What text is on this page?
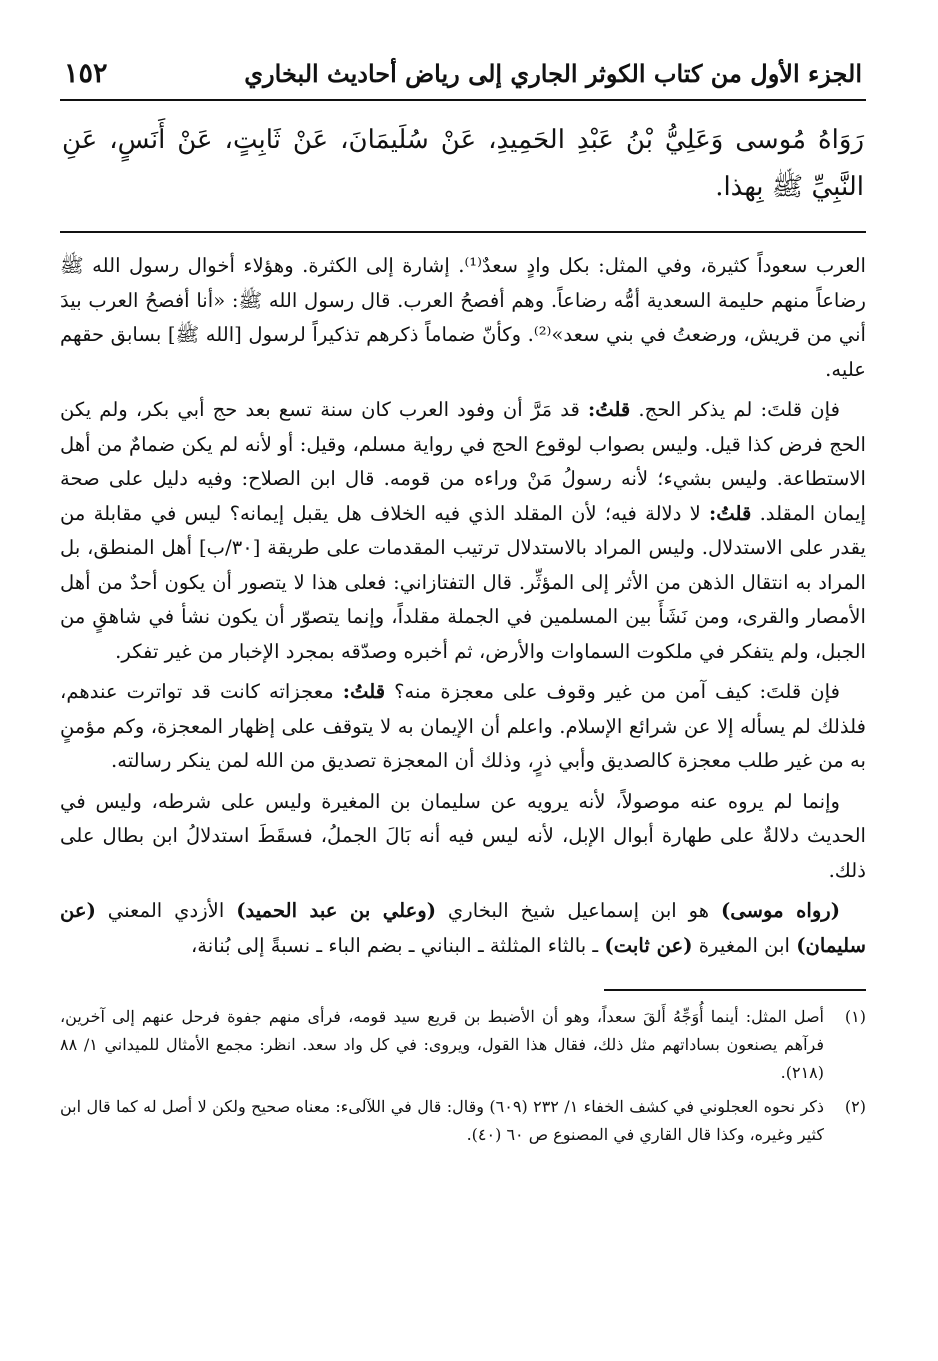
الجزء الأول من كتاب الكوثر الجاري إلى رياض أحاديث البخاري
١٥٢
رَوَاهُ مُوسى وَعَلِيُّ بْنُ عَبْدِ الحَمِيدِ، عَنْ سُلَيمَانَ، عَنْ ثَابِتٍ، عَنْ أَنَسٍ، عَنِ النَّبِيِّ ﷺ بِهذا.

العرب سعوداً كثيرة، وفي المثل: بكل وادٍ سعدٌ⁽¹⁾. إشارة إلى الكثرة. وهؤلاء أخوال رسول الله ﷺ رضاعاً منهم حليمة السعدية أمُّه رضاعاً. وهم أفصحُ العرب. قال رسول الله ﷺ: «أنا أفصحُ العرب بيدَ أني من قريش، ورضعتُ في بني سعد»⁽²⁾. وكأنّ ضماماً ذكرهم تذكيراً لرسول [الله ﷺ] بسابق حقهم عليه.

فإن قلتَ: لم يذكر الحج. قلتُ: قد مَرَّ أن وفود العرب كان سنة تسع بعد حج أبي بكر، ولم يكن الحج فرض كذا قيل. وليس بصواب لوقوع الحج في رواية مسلم، وقيل: أو لأنه لم يكن ضمامٌ من أهل الاستطاعة. وليس بشيء؛ لأنه رسولُ مَنْ وراءه من قومه. قال ابن الصلاح: وفيه دليل على صحة إيمان المقلد. قلتُ: لا دلالة فيه؛ لأن المقلد الذي فيه الخلاف هل يقبل إيمانه؟ ليس في مقابلة من يقدر على الاستدلال. وليس المراد بالاستدلال ترتيب المقدمات على طريقة [٣٠/ب] أهل المنطق، بل المراد به انتقال الذهن من الأثر إلى المؤثِّر. قال التفتازاني: فعلى هذا لا يتصور أن يكون أحدٌ من أهل الأمصار والقرى، ومن نَشَأَ بين المسلمين في الجملة مقلداً، وإنما يتصوّر أن يكون نشأ في شاهقٍ من الجبل، ولم يتفكر في ملكوت السماوات والأرض، ثم أخبره وصدّقه بمجرد الإخبار من غير تفكر.

فإن قلتَ: كيف آمن من غير وقوف على معجزة منه؟ قلتُ: معجزاته كانت قد تواترت عندهم، فلذلك لم يسأله إلا عن شرائع الإسلام. واعلم أن الإيمان به لا يتوقف على إظهار المعجزة، وكم مؤمنٍ به من غير طلب معجزة كالصديق وأبي ذرٍ، وذلك أن المعجزة تصديق من الله لمن ينكر رسالته.

وإنما لم يروه عنه موصولاً، لأنه يرويه عن سليمان بن المغيرة وليس على شرطه، وليس في الحديث دلالةٌ على طهارة أبوال الإبل، لأنه ليس فيه أنه بَالَ الجملُ، فسقَطَ استدلالُ ابن بطال على ذلك.

(رواه موسى) هو ابن إسماعيل شيخ البخاري (وعلي بن عبد الحميد) الأزدي المعني (عن سليمان) ابن المغيرة (عن ثابت) ـ بالثاء المثلثة ـ البناني ـ بضم الباء ـ نسبةً إلى بُنانة،

(١)
أصل المثل: أينما أُوَجِّهُ أَلقَ سعداً، وهو أن الأضبط بن قريع سيد قومه، فرأى منهم جفوة فرحل عنهم إلى آخرين، فرآهم يصنعون بساداتهم مثل ذلك، فقال هذا القول، ويروى: في كل واد سعد. انظر: مجمع الأمثال للميداني ١/ ٨٨ (٢١٨).
(٢)
ذكر نحوه العجلوني في كشف الخفاء ١/ ٢٣٢ (٦٠٩) وقال: قال في اللآلىء: معناه صحيح ولكن لا أصل له كما قال ابن كثير وغيره، وكذا قال القاري في المصنوع ص ٦٠ (٤٠).
